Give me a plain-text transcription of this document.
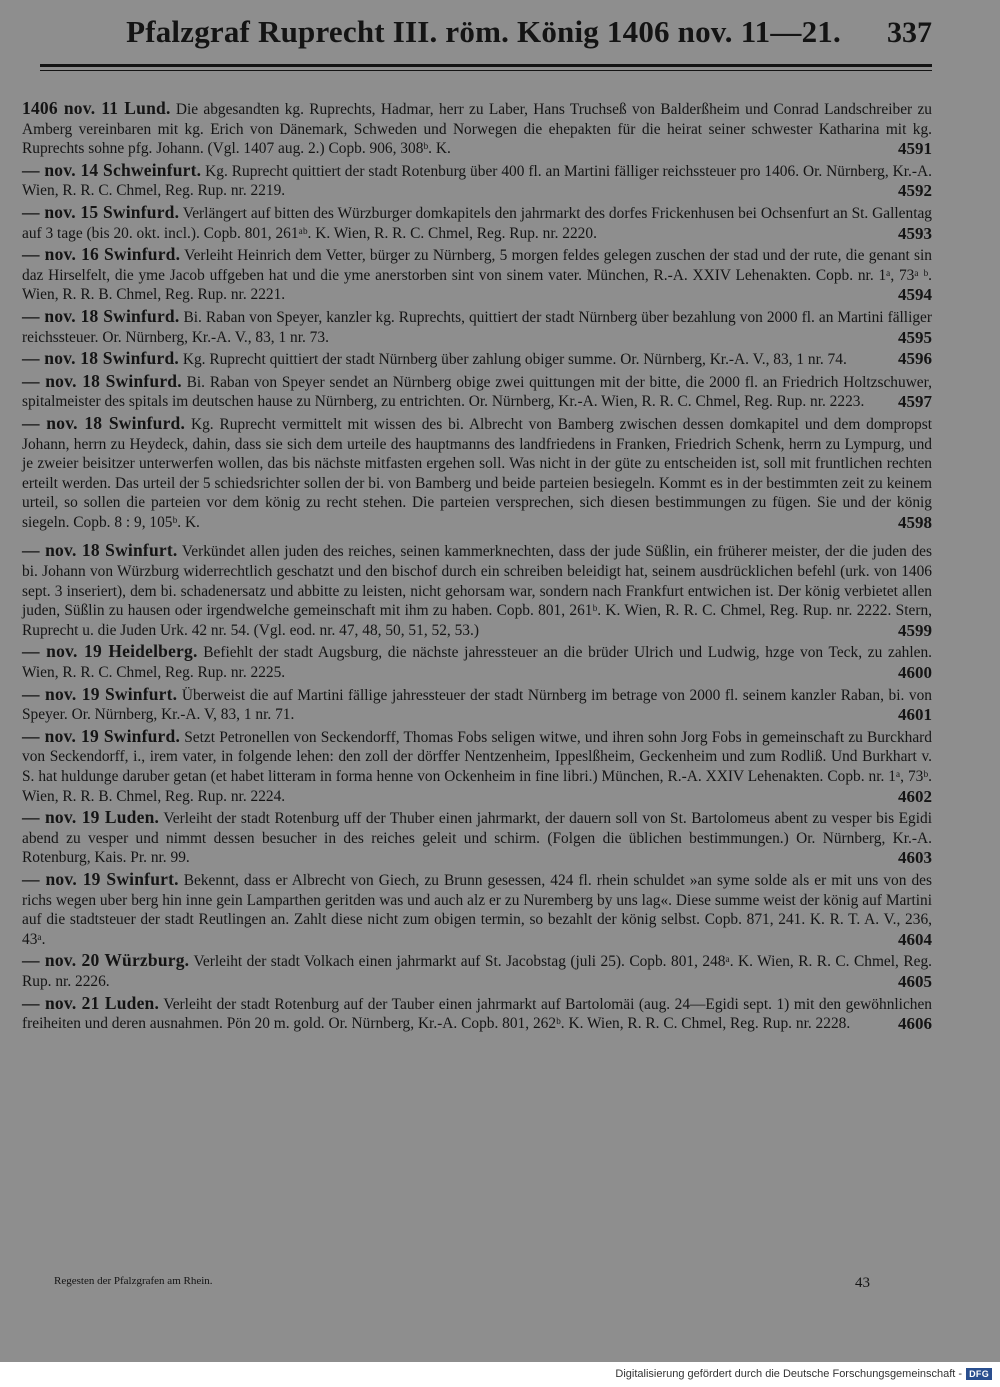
Pfalzgraf Ruprecht III. röm. König 1406 nov. 11—21.	337
1406 nov. 11 Lund. Die abgesandten kg. Ruprechts, Hadmar, herr zu Laber, Hans Truchseß von Balderßheim und Conrad Landschreiber zu Amberg vereinbaren mit kg. Erich von Dänemark, Schweden und Norwegen die ehepakten für die heirat seiner schwester Katharina mit kg. Ruprechts sohne pfg. Johann. (Vgl. 1407 aug. 2.) Copb. 906, 308ᵇ. K.	4591
— nov. 14 Schweinfurt. Kg. Ruprecht quittiert der stadt Rotenburg über 400 fl. an Martini fälliger reichssteuer pro 1406. Or. Nürnberg, Kr.-A. Wien, R. R. C. Chmel, Reg. Rup. nr. 2219.	4592
— nov. 15 Swinfurd. Verlängert auf bitten des Würzburger domkapitels den jahrmarkt des dorfes Frickenhusen bei Ochsenfurt an St. Gallentag auf 3 tage (bis 20. okt. incl.). Copb. 801, 261ᵃᵇ. K. Wien, R. R. C. Chmel, Reg. Rup. nr. 2220.	4593
— nov. 16 Swinfurd. Verleiht Heinrich dem Vetter, bürger zu Nürnberg, 5 morgen feldes gelegen zuschen der stad und der rute, die genant sin daz Hirselfelt, die yme Jacob uffgeben hat und die yme anerstorben sint von sinem vater. München, R.-A. XXIV Lehenakten. Copb. nr. 1ᵃ, 73ᵃ ᵇ. Wien, R. R. B. Chmel, Reg. Rup. nr. 2221.	4594
— nov. 18 Swinfurd. Bi. Raban von Speyer, kanzler kg. Ruprechts, quittiert der stadt Nürnberg über bezahlung von 2000 fl. an Martini fälliger reichssteuer. Or. Nürnberg, Kr.-A. V., 83, 1 nr. 73.	4595
— nov. 18 Swinfurd. Kg. Ruprecht quittiert der stadt Nürnberg über zahlung obiger summe. Or. Nürnberg, Kr.-A. V., 83, 1 nr. 74.	4596
— nov. 18 Swinfurd. Bi. Raban von Speyer sendet an Nürnberg obige zwei quittungen mit der bitte, die 2000 fl. an Friedrich Holtzschuwer, spitalmeister des spitals im deutschen hause zu Nürnberg, zu entrichten. Or. Nürnberg, Kr.-A. Wien, R. R. C. Chmel, Reg. Rup. nr. 2223. 4597
— nov. 18 Swinfurd. Kg. Ruprecht vermittelt mit wissen des bi. Albrecht von Bamberg zwischen dessen domkapitel und dem dompropst Johann, herrn zu Heydeck, dahin, dass sie sich dem urteile des hauptmanns des landfriedens in Franken, Friedrich Schenk, herrn zu Lympurg, und je zweier beisitzer unterwerfen wollen, das bis nächste mitfasten ergehen soll. Was nicht in der güte zu entscheiden ist, soll mit fruntlichen rechten erteilt werden. Das urteil der 5 schiedsrichter sollen der bi. von Bamberg und beide parteien besiegeln. Kommt es in der bestimmten zeit zu keinem urteil, so sollen die parteien vor dem könig zu recht stehen. Die parteien versprechen, sich diesen bestimmungen zu fügen. Sie und der könig siegeln. Copb. 8 : 9, 105ᵇ. K.	4598
— nov. 18 Swinfurt. Verkündet allen juden des reiches, seinen kammerknechten, dass der jude Süßlin, ein früherer meister, der die juden des bi. Johann von Würzburg widerrechtlich geschatzt und den bischof durch ein schreiben beleidigt hat, seinem ausdrücklichen befehl (urk. von 1406 sept. 3 inseriert), dem bi. schadenersatz und abbitte zu leisten, nicht gehorsam war, sondern nach Frankfurt entwichen ist. Der könig verbietet allen juden, Süßlin zu hausen oder irgendwelche gemeinschaft mit ihm zu haben. Copb. 801, 261ᵇ. K. Wien, R. R. C. Chmel, Reg. Rup. nr. 2222. Stern, Ruprecht u. die Juden Urk. 42 nr. 54. (Vgl. eod. nr. 47, 48, 50, 51, 52, 53.)	4599
— nov. 19 Heidelberg. Befiehlt der stadt Augsburg, die nächste jahressteuer an die brüder Ulrich und Ludwig, hzge von Teck, zu zahlen. Wien, R. R. C. Chmel, Reg. Rup. nr. 2225.	4600
— nov. 19 Swinfurt. Überweist die auf Martini fällige jahressteuer der stadt Nürnberg im betrage von 2000 fl. seinem kanzler Raban, bi. von Speyer. Or. Nürnberg, Kr.-A. V, 83, 1 nr. 71.	4601
— nov. 19 Swinfurd. Setzt Petronellen von Seckendorff, Thomas Fobs seligen witwe, und ihren sohn Jorg Fobs in gemeinschaft zu Burckhard von Seckendorff, i., irem vater, in folgende lehen: den zoll der dörffer Nentzenheim, Ippeslßheim, Geckenheim und zum Rodliß. Und Burkhart v. S. hat huldunge daruber getan (et habet litteram in forma henne von Ockenheim in fine libri.) München, R.-A. XXIV Lehenakten. Copb. nr. 1ᵃ, 73ᵇ. Wien, R. R. B. Chmel, Reg. Rup. nr. 2224.	4602
— nov. 19 Luden. Verleiht der stadt Rotenburg uff der Thuber einen jahrmarkt, der dauern soll von St. Bartolomeus abent zu vesper bis Egidi abend zu vesper und nimmt dessen besucher in des reiches geleit und schirm. (Folgen die üblichen bestimmungen.) Or. Nürnberg, Kr.-A. Rotenburg, Kais. Pr. nr. 99.	4603
— nov. 19 Swinfurt. Bekennt, dass er Albrecht von Giech, zu Brunn gesessen, 424 fl. rhein schuldet »an syme solde als er mit uns von des richs wegen uber berg hin inne gein Lamparthen geritden was und auch alz er zu Nuremberg by uns lag«. Diese summe weist der könig auf Martini auf die stadtsteuer der stadt Reutlingen an. Zahlt diese nicht zum obigen termin, so bezahlt der könig selbst. Copb. 871, 241. K. R. T. A. V., 236, 43ᵃ.	4604
— nov. 20 Würzburg. Verleiht der stadt Volkach einen jahrmarkt auf St. Jacobstag (juli 25). Copb. 801, 248ᵃ. K. Wien, R. R. C. Chmel, Reg. Rup. nr. 2226.	4605
— nov. 21 Luden. Verleiht der stadt Rotenburg auf der Tauber einen jahrmarkt auf Bartolomäi (aug. 24—Egidi sept. 1) mit den gewöhnlichen freiheiten und deren ausnahmen. Pön 20 m. gold. Or. Nürnberg, Kr.-A. Copb. 801, 262ᵇ. K. Wien, R. R. C. Chmel, Reg. Rup. nr. 2228.	4606
Regesten der Pfalzgrafen am Rhein.	43
Digitalisierung gefördert durch die Deutsche Forschungsgemeinschaft - DFG
